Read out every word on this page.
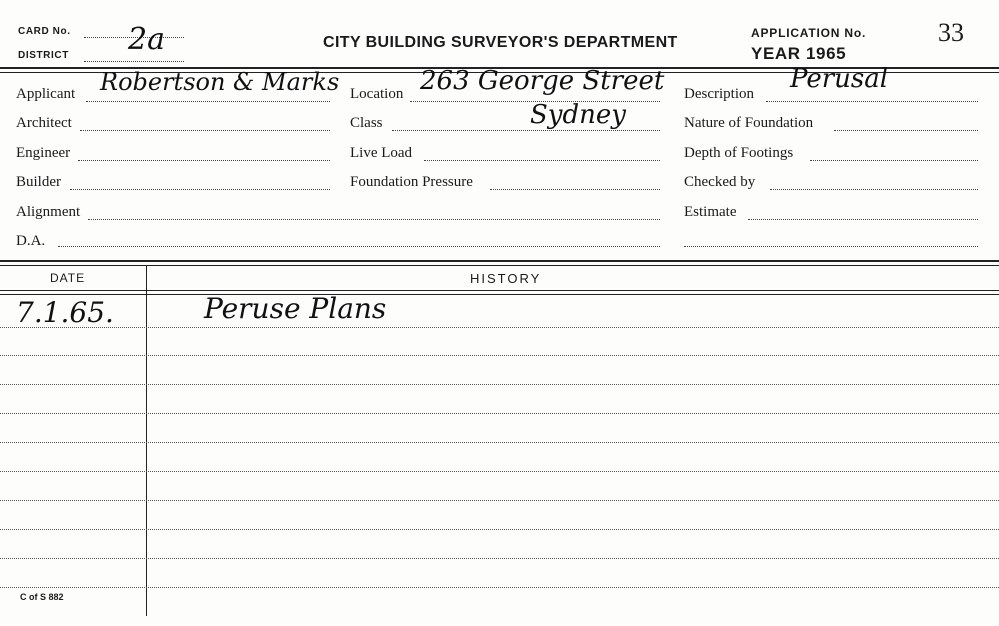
CARD No.
DISTRICT 2a	CITY BUILDING SURVEYOR'S DEPARTMENT
APPLICATION No.	33
YEAR 1965
Applicant Robertson & Marks
Architect
Engineer
Builder
Alignment
D.A.
Location 263 George Street
Sydney
Class
Live Load
Foundation Pressure
Description Perusal
Nature of Foundation
Depth of Footings
Checked by
Estimate
DATE	HISTORY
7.1.65.	Peruse Plans
C of S 882
